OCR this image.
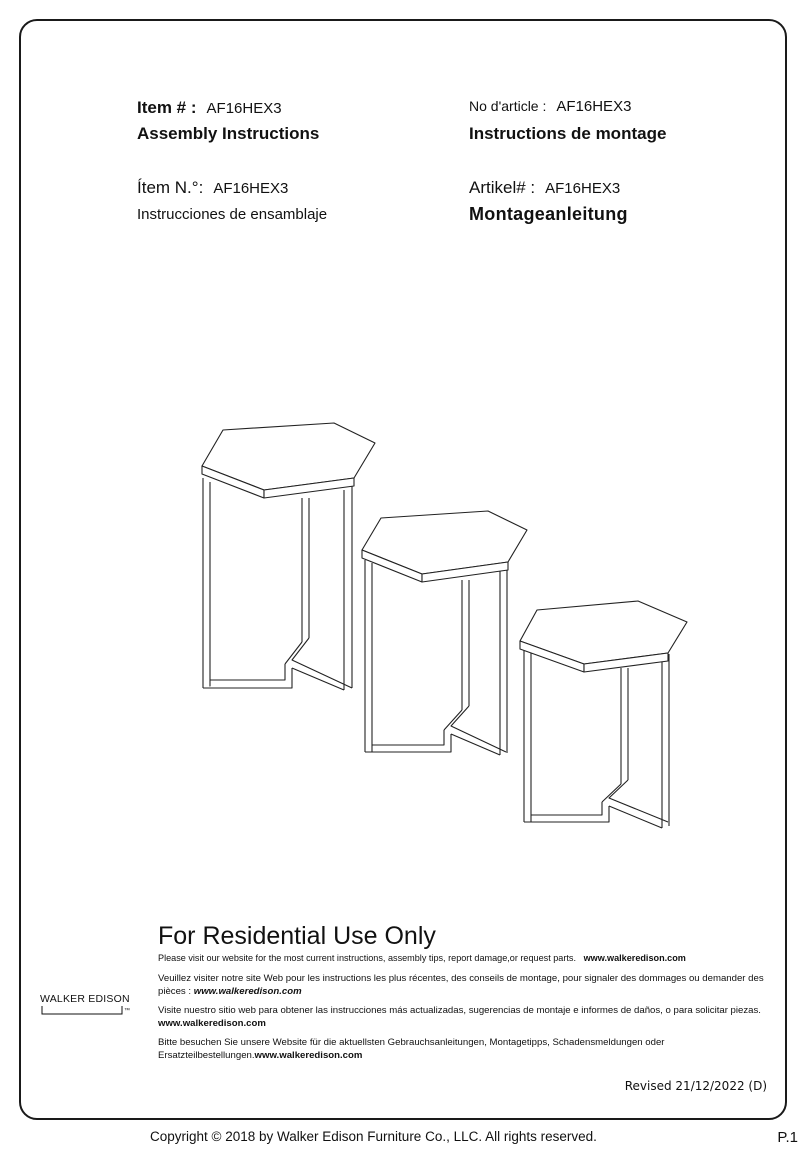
Item # : AF16HEX3
Assembly Instructions
No d'article : AF16HEX3
Instructions de montage
Ítem N.°: AF16HEX3
Instrucciones de ensamblaje
Artikel# : AF16HEX3
Montageanleitung
For Residential Use Only
Please visit our website for the most current instructions, assembly tips, report damage,or request parts. www.walkeredison.com
Veuillez visiter notre site Web pour les instructions les plus récentes, des conseils de montage, pour signaler des dommages ou demander des pièces : www.walkeredison.com
Visite nuestro sitio web para obtener las instrucciones más actualizadas, sugerencias de montaje e informes de daños, o para solicitar piezas. www.walkeredison.com
Bitte besuchen Sie unsere Website für die aktuellsten Gebrauchsanleitungen, Montagetipps, Schadensmeldungen oder Ersatzteilbestellungen.www.walkeredison.com
WALKER EDISON
™
Revised 21/12/2022 (D)
Copyright © 2018 by Walker Edison Furniture Co., LLC. All rights reserved.	P.1
